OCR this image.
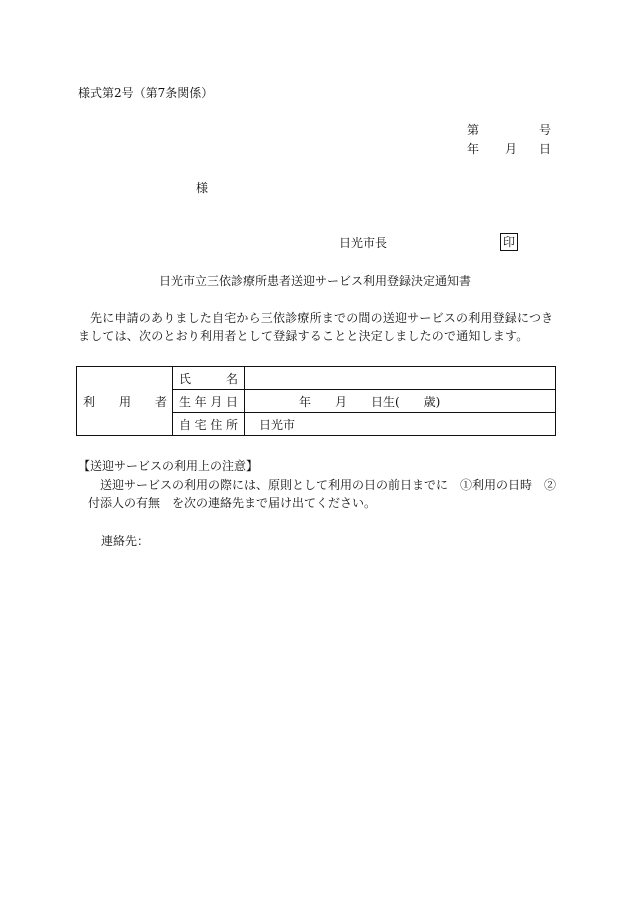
様式第2号（第7条関係）
第	号
年 月 日
様
日光市長	印
日光市立三依診療所患者送迎サービス利用登録決定通知書
先に申請のありました自宅から三依診療所までの間の送迎サービスの利用登録につきましては、次のとおり利用者として登録することと決定しましたので通知します。
利　　用　　者	氏名	

	生年月日	年　　月　　日生(　　歳)

	自宅住所	日光市
【送迎サービスの利用上の注意】
送迎サービスの利用の際には、原則として利用の日の前日までに　①利用の日時　②付添人の有無　を次の連絡先まで届け出てください。
連絡先：
